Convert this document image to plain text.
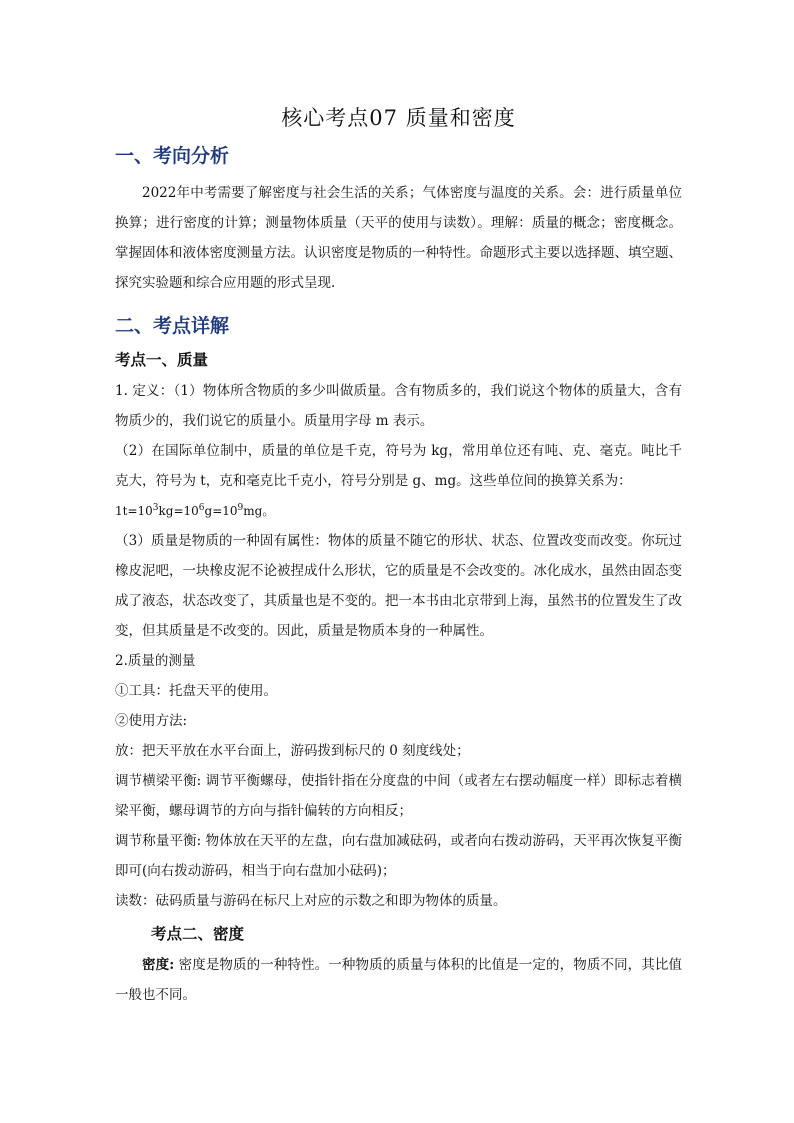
核心考点07 质量和密度
一、考向分析

2022年中考需要了解密度与社会生活的关系；气体密度与温度的关系。会：进行质量单位换算；进行密度的计算；测量物体质量（天平的使用与读数）。理解：质量的概念；密度概念。掌握固体和液体密度测量方法。认识密度是物质的一种特性。命题形式主要以选择题、填空题、探究实验题和综合应用题的形式呈现.

二、考点详解
考点一、质量

1. 定义：（1）物体所含物质的多少叫做质量。含有物质多的，我们说这个物体的质量大，含有物质少的，我们说它的质量小。质量用字母 m 表示。

（2）在国际单位制中，质量的单位是千克，符号为 kg，常用单位还有吨、克、毫克。吨比千克大，符号为 t，克和毫克比千克小，符号分别是 g、mg。这些单位间的换算关系为：

$1t=10^3kg=10^6g=10^9mg$。

（3）质量是物质的一种固有属性：物体的质量不随它的形状、状态、位置改变而改变。你玩过橡皮泥吧，一块橡皮泥不论被捏成什么形状，它的质量是不会改变的。冰化成水，虽然由固态变成了液态，状态改变了，其质量也是不变的。把一本书由北京带到上海，虽然书的位置发生了改变，但其质量是不改变的。因此，质量是物质本身的一种属性。

2.质量的测量

①工具：托盘天平的使用。

②使用方法:

放：把天平放在水平台面上，游码拨到标尺的 0 刻度线处；

调节横梁平衡: 调节平衡螺母，使指针指在分度盘的中间（或者左右摆动幅度一样）即标志着横梁平衡，螺母调节的方向与指针偏转的方向相反；

调节称量平衡: 物体放在天平的左盘，向右盘加减砝码，或者向右拨动游码，天平再次恢复平衡即可(向右拨动游码，相当于向右盘加小砝码)；

读数：砝码质量与游码在标尺上对应的示数之和即为物体的质量。

考点二、密度

密度: 密度是物质的一种特性。一种物质的质量与体积的比值是一定的，物质不同，其比值一般也不同。
